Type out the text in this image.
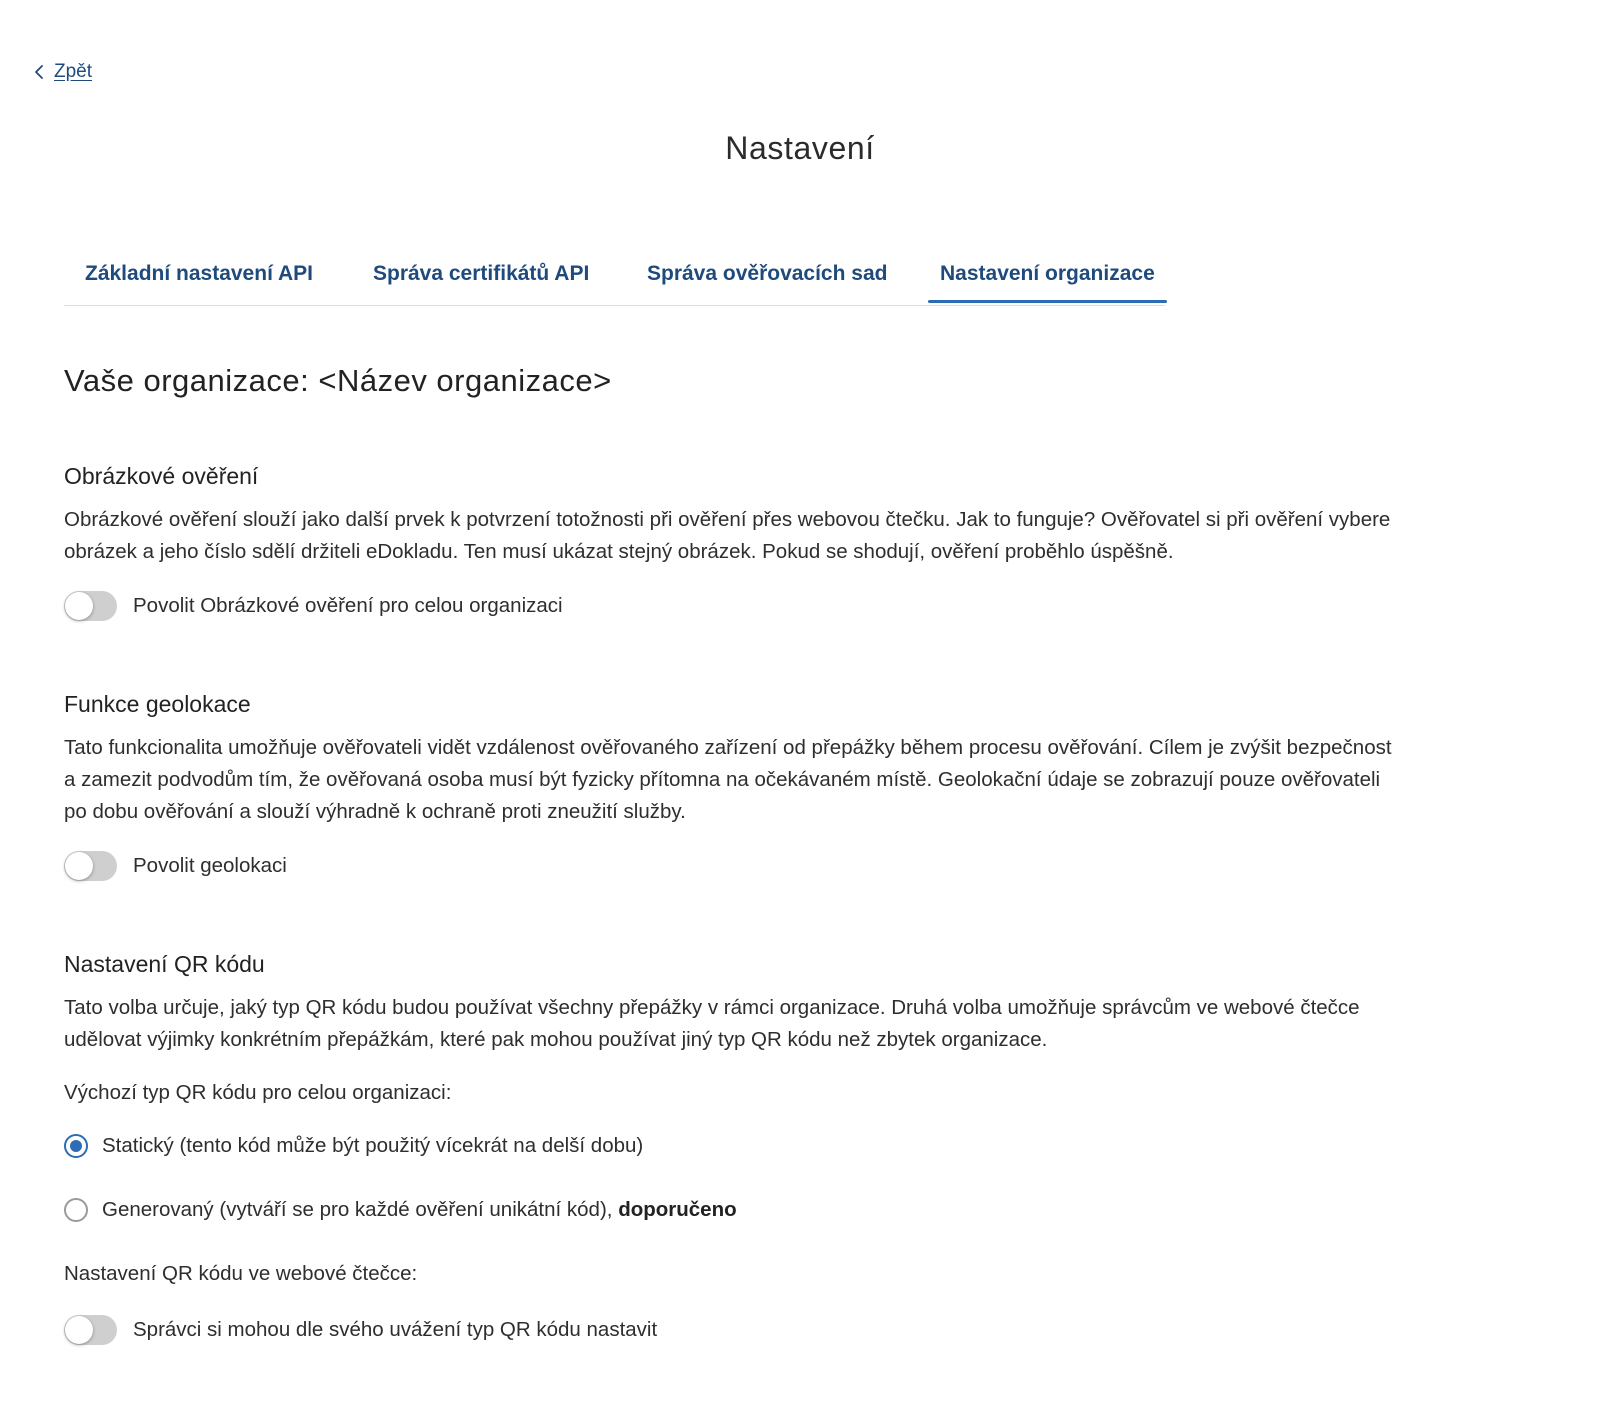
Zpět
Nastavení
Základní nastavení API	Správa certifikátů API	Správa ověřovacích sad	Nastavení organizace
Vaše organizace: <Název organizace>
Obrázkové ověření
Obrázkové ověření slouží jako další prvek k potvrzení totožnosti při ověření přes webovou čtečku. Jak to funguje? Ověřovatel si při ověření vybere
obrázek a jeho číslo sdělí držiteli eDokladu. Ten musí ukázat stejný obrázek. Pokud se shodují, ověření proběhlo úspěšně.
Povolit Obrázkové ověření pro celou organizaci
Funkce geolokace
Tato funkcionalita umožňuje ověřovateli vidět vzdálenost ověřovaného zařízení od přepážky během procesu ověřování. Cílem je zvýšit bezpečnost
a zamezit podvodům tím, že ověřovaná osoba musí být fyzicky přítomna na očekávaném místě. Geolokační údaje se zobrazují pouze ověřovateli
po dobu ověřování a slouží výhradně k ochraně proti zneužití služby.
Povolit geolokaci
Nastavení QR kódu
Tato volba určuje, jaký typ QR kódu budou používat všechny přepážky v rámci organizace. Druhá volba umožňuje správcům ve webové čtečce
udělovat výjimky konkrétním přepážkám, které pak mohou používat jiný typ QR kódu než zbytek organizace.
Výchozí typ QR kódu pro celou organizaci:
Statický (tento kód může být použitý vícekrát na delší dobu)
Generovaný (vytváří se pro každé ověření unikátní kód), doporučeno
Nastavení QR kódu ve webové čtečce:
Správci si mohou dle svého uvážení typ QR kódu nastavit
